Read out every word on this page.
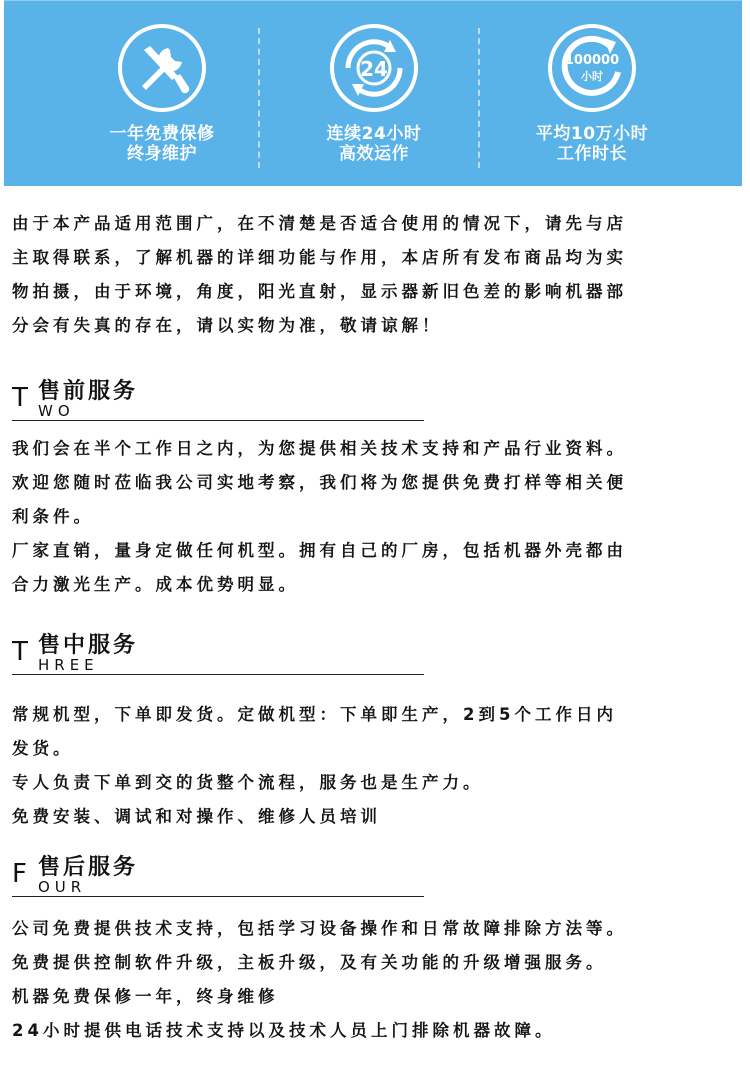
一年免费保修
终身维护
24
连续24小时
高效运作
100000
小时
平均10万小时
工作时长
由于本产品适用范围广，在不清楚是否适合使用的情况下，请先与店
主取得联系，了解机器的详细功能与作用，本店所有发布商品均为实
物拍摄，由于环境，角度，阳光直射，显示器新旧色差的影响机器部
分会有失真的存在，请以实物为准，敬请谅解！
T 售前服务
WO
我们会在半个工作日之内，为您提供相关技术支持和产品行业资料。
欢迎您随时莅临我公司实地考察，我们将为您提供免费打样等相关便
利条件。
厂家直销，量身定做任何机型。拥有自己的厂房，包括机器外壳都由
合力激光生产。成本优势明显。
T 售中服务
HREE
常规机型，下单即发货。定做机型：下单即生产，2到5个工作日内
发货。
专人负责下单到交的货整个流程，服务也是生产力。
免费安装、调试和对操作、维修人员培训
F 售后服务
OUR
公司免费提供技术支持，包括学习设备操作和日常故障排除方法等。
免费提供控制软件升级，主板升级，及有关功能的升级增强服务。
机器免费保修一年，终身维修
24小时提供电话技术支持以及技术人员上门排除机器故障。
